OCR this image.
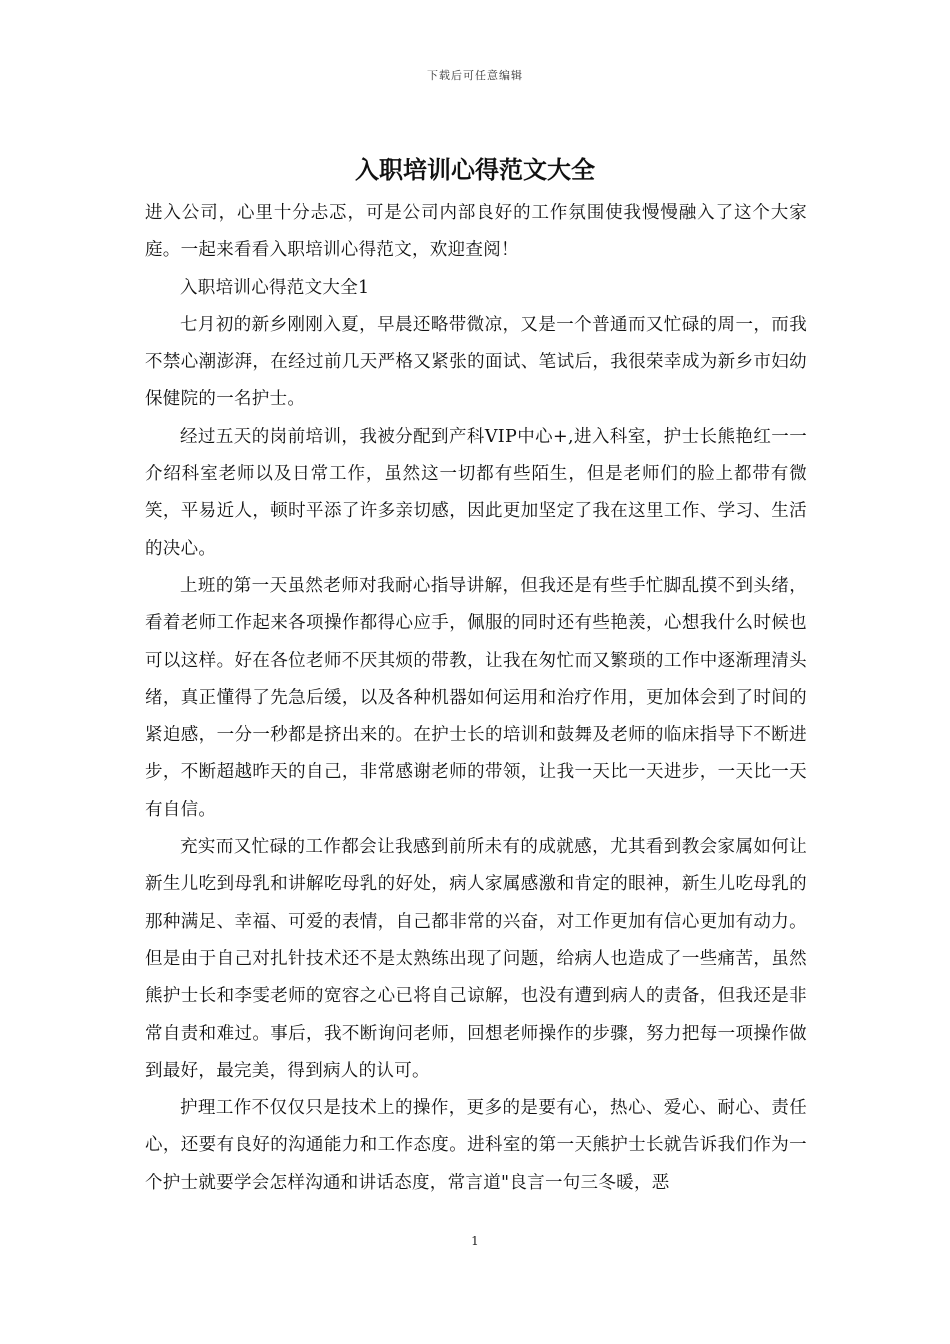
下载后可任意编辑
入职培训心得范文大全

进入公司，心里十分忐忑，可是公司内部良好的工作氛围使我慢慢融入了这个大家庭。一起来看看入职培训心得范文，欢迎查阅！

入职培训心得范文大全1

七月初的新乡刚刚入夏，早晨还略带微凉，又是一个普通而又忙碌的周一，而我不禁心潮澎湃，在经过前几天严格又紧张的面试、笔试后，我很荣幸成为新乡市妇幼保健院的一名护士。

经过五天的岗前培训，我被分配到产科VIP中心+,进入科室，护士长熊艳红一一介绍科室老师以及日常工作，虽然这一切都有些陌生，但是老师们的脸上都带有微笑，平易近人，顿时平添了许多亲切感，因此更加坚定了我在这里工作、学习、生活的决心。

上班的第一天虽然老师对我耐心指导讲解，但我还是有些手忙脚乱摸不到头绪，看着老师工作起来各项操作都得心应手，佩服的同时还有些艳羡，心想我什么时候也可以这样。好在各位老师不厌其烦的带教，让我在匆忙而又繁琐的工作中逐渐理清头绪，真正懂得了先急后缓，以及各种机器如何运用和治疗作用，更加体会到了时间的紧迫感，一分一秒都是挤出来的。在护士长的培训和鼓舞及老师的临床指导下不断进步，不断超越昨天的自己，非常感谢老师的带领，让我一天比一天进步，一天比一天有自信。

充实而又忙碌的工作都会让我感到前所未有的成就感，尤其看到教会家属如何让新生儿吃到母乳和讲解吃母乳的好处，病人家属感激和肯定的眼神，新生儿吃母乳的那种满足、幸福、可爱的表情，自己都非常的兴奋，对工作更加有信心更加有动力。但是由于自己对扎针技术还不是太熟练出现了问题，给病人也造成了一些痛苦，虽然熊护士长和李雯老师的宽容之心已将自己谅解，也没有遭到病人的责备，但我还是非常自责和难过。事后，我不断询问老师，回想老师操作的步骤，努力把每一项操作做到最好，最完美，得到病人的认可。

护理工作不仅仅只是技术上的操作，更多的是要有心，热心、爱心、耐心、责任心，还要有良好的沟通能力和工作态度。进科室的第一天熊护士长就告诉我们作为一个护士就要学会怎样沟通和讲话态度，常言道"良言一句三冬暖，恶

1
